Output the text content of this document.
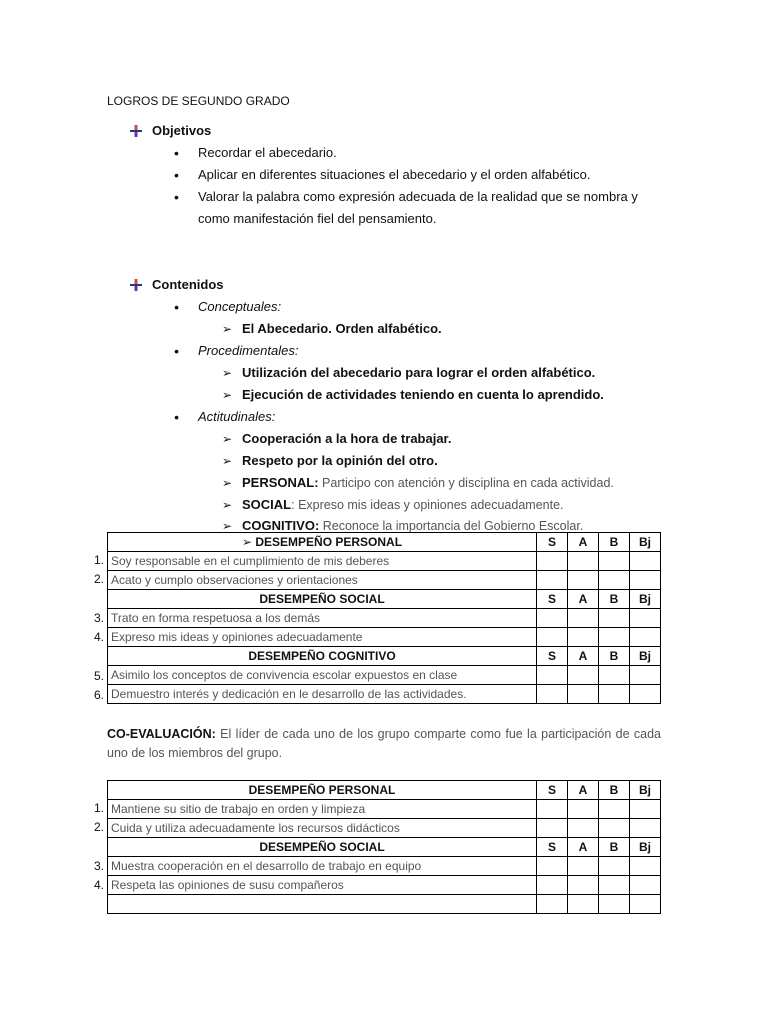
LOGROS DE SEGUNDO GRADO
Objetivos
• Recordar el abecedario.
• Aplicar en diferentes situaciones el abecedario y el orden alfabético.
• Valorar la palabra como expresión adecuada de la realidad que se nombra y como manifestación fiel del pensamiento.
Contenidos
• Conceptuales:
➢ El Abecedario. Orden alfabético.
• Procedimentales:
➢ Utilización del abecedario para lograr el orden alfabético.
➢ Ejecución de actividades teniendo en cuenta lo aprendido.
• Actitudinales:
➢ Cooperación a la hora de trabajar.
➢ Respeto por la opinión del otro.
➢ PERSONAL: Participo con atención y disciplina en cada actividad.
➢ SOCIAL: Expreso mis ideas y opiniones adecuadamente.
➢ COGNITIVO: Reconoce la importancia del Gobierno Escolar.
1.
2.
3.
4.
5.
6.
➢ DESEMPEÑO PERSONAL	S	A	B	Bj
Soy responsable en el cumplimiento de mis deberes				
Acato y cumplo observaciones y orientaciones				
DESEMPEÑO SOCIAL	S	A	B	Bj
Trato en forma respetuosa a los demás				
Expreso mis ideas y opiniones adecuadamente				
DESEMPEÑO COGNITIVO	S	A	B	Bj
Asimilo los conceptos de convivencia escolar expuestos en clase				
Demuestro interés y dedicación en le desarrollo de las actividades.				
CO-EVALUACIÓN: El líder de cada uno de los grupo comparte como fue la participación de cada uno de los miembros del grupo.
1.
2.
3.
4.
DESEMPEÑO PERSONAL	S	A	B	Bj
Mantiene su sitio de trabajo en orden y limpieza				
Cuida y utiliza adecuadamente los recursos didácticos				
DESEMPEÑO SOCIAL	S	A	B	Bj
Muestra cooperación en el desarrollo de trabajo en equipo				
Respeta las opiniones de susu compañeros				
